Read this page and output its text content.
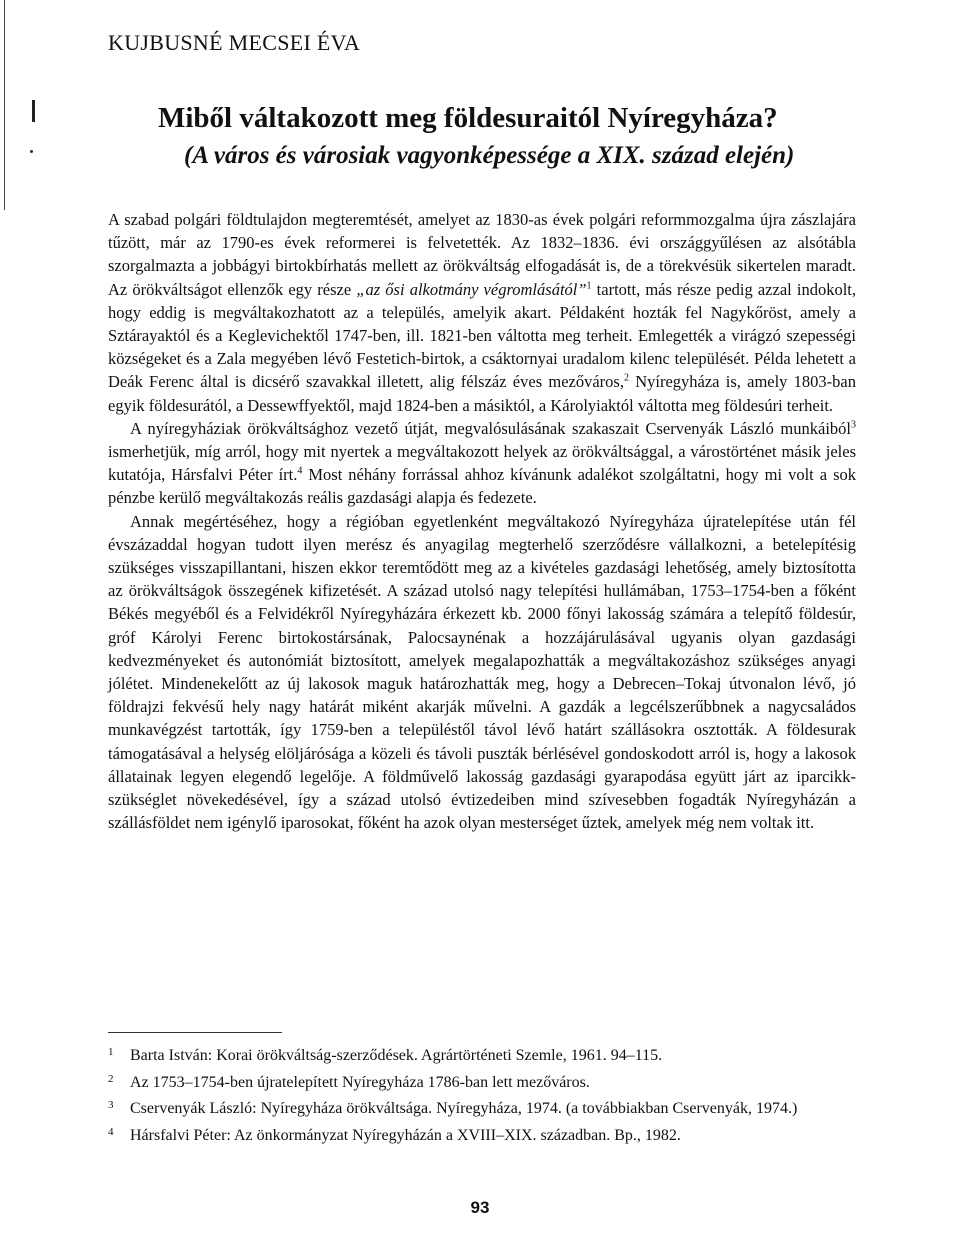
KUJBUSNÉ MECSEI ÉVA
Miből váltakozott meg földesuraitól Nyíregyháza?
(A város és városiak vagyonképessége a XIX. század elején)

A szabad polgári földtulajdon megteremtését, amelyet az 1830-as évek polgári reformmozgalma újra zászlajára tűzött, már az 1790-es évek reformerei is felvetették. Az 1832–1836. évi országgyűlésen az alsótábla szorgalmazta a jobbágyi birtokbírhatás mellett az örökváltság elfogadását is, de a törekvésük sikertelen maradt. Az örökváltságot ellenzők egy része „az ősi alkotmány végromlásától”$^1$ tartott, más része pedig azzal indokolt, hogy eddig is megváltakozhatott az a település, amelyik akart. Példaként hozták fel Nagykőröst, amely a Sztárayaktól és a Keglevichektől 1747-ben, ill. 1821-ben váltotta meg terheit. Emlegették a virágzó szepességi községeket és a Zala megyében lévő Festetich-birtok, a csáktornyai uradalom kilenc települését. Példa lehetett a Deák Ferenc által is dicsérő szavakkal illetett, alig félszáz éves mezőváros,$^2$ Nyíregyháza is, amely 1803-ban egyik földesurától, a Dessewffyektől, majd 1824-ben a másiktól, a Károlyiaktól váltotta meg földesúri terheit.

A nyíregyháziak örökváltsághoz vezető útját, megvalósulásának szakaszait Cservenyák László munkáiból$^3$ ismerhetjük, míg arról, hogy mit nyertek a megváltakozott helyek az örökváltsággal, a várostörténet másik jeles kutatója, Hársfalvi Péter írt.$^4$ Most néhány forrással ahhoz kívánunk adalékot szolgáltatni, hogy mi volt a sok pénzbe kerülő megváltakozás reális gazdasági alapja és fedezete.

Annak megértéséhez, hogy a régióban egyetlenként megváltakozó Nyíregyháza újratelepítése után fél évszázaddal hogyan tudott ilyen merész és anyagilag megterhelő szerződésre vállalkozni, a betelepítésig szükséges visszapillantani, hiszen ekkor teremtődött meg az a kivételes gazdasági lehetőség, amely biztosította az örökváltságok összegének kifizetését. A század utolsó nagy telepítési hullámában, 1753–1754-ben a főként Békés megyéből és a Felvidékről Nyíregyházára érkezett kb. 2000 főnyi lakosság számára a telepítő földesúr, gróf Károlyi Ferenc birtokostársának, Palocsaynénak a hozzájárulásával ugyanis olyan gazdasági kedvezményeket és autonómiát biztosított, amelyek megalapozhatták a megváltakozáshoz szükséges anyagi jólétet. Mindenekelőtt az új lakosok maguk határozhatták meg, hogy a Debrecen–Tokaj útvonalon lévő, jó földrajzi fekvésű hely nagy határát miként akarják művelni. A gazdák a legcélszerűbbnek a nagycsaládos munkavégzést tartották, így 1759-ben a településtől távol lévő határt szállásokra osztották. A földesurak támogatásával a helység elöljárósága a közeli és távoli puszták bérlésével gondoskodott arról is, hogy a lakosok állatainak legyen elegendő legelője. A földművelő lakosság gazdasági gyarapodása együtt járt az iparcikk-szükséglet növekedésével, így a század utolsó évtizedeiben mind szívesebben fogadták Nyíregyházán a szállásföldet nem igénylő iparosokat, főként ha azok olyan mesterséget űztek, amelyek még nem voltak itt.

1 Barta István: Korai örökváltság-szerződések. Agrártörténeti Szemle, 1961. 94–115.
2 Az 1753–1754-ben újratelepített Nyíregyháza 1786-ban lett mezőváros.
3 Cservenyák László: Nyíregyháza örökváltsága. Nyíregyháza, 1974. (a továbbiakban Cservenyák, 1974.)
4 Hársfalvi Péter: Az önkormányzat Nyíregyházán a XVIII–XIX. században. Bp., 1982.
93
